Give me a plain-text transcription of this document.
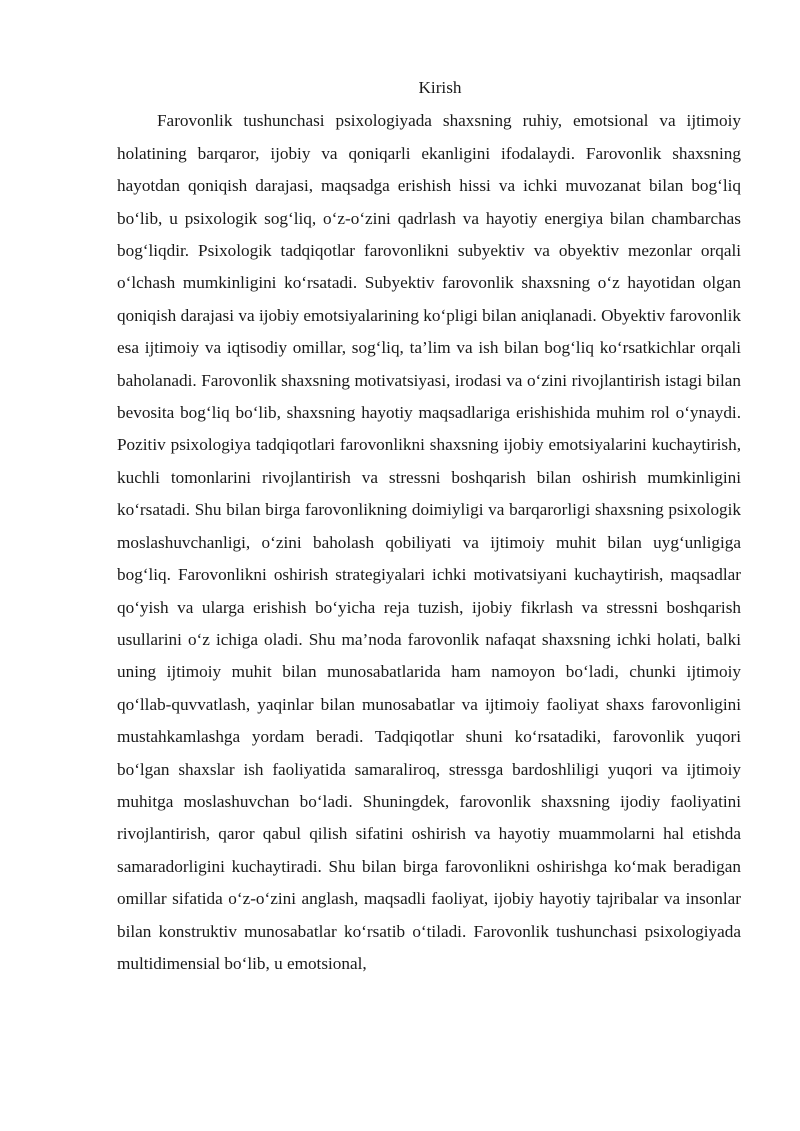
Kirish

Farovonlik tushunchasi psixologiyada shaxsning ruhiy, emotsional va ijtimoiy holatining barqaror, ijobiy va qoniqarli ekanligini ifodalaydi. Farovonlik shaxsning hayotdan qoniqish darajasi, maqsadga erishish hissi va ichki muvozanat bilan bog‘liq bo‘lib, u psixologik sog‘liq, o‘z-o‘zini qadrlash va hayotiy energiya bilan chambarchas bog‘liqdir. Psixologik tadqiqotlar farovonlikni subyektiv va obyektiv mezonlar orqali o‘lchash mumkinligini ko‘rsatadi. Subyektiv farovonlik shaxsning o‘z hayotidan olgan qoniqish darajasi va ijobiy emotsiyalarining ko‘pligi bilan aniqlanadi. Obyektiv farovonlik esa ijtimoiy va iqtisodiy omillar, sog‘liq, ta’lim va ish bilan bog‘liq ko‘rsatkichlar orqali baholanadi. Farovonlik shaxsning motivatsiyasi, irodasi va o‘zini rivojlantirish istagi bilan bevosita bog‘liq bo‘lib, shaxsning hayotiy maqsadlariga erishishida muhim rol o‘ynaydi. Pozitiv psixologiya tadqiqotlari farovonlikni shaxsning ijobiy emotsiyalarini kuchaytirish, kuchli tomonlarini rivojlantirish va stressni boshqarish bilan oshirish mumkinligini ko‘rsatadi. Shu bilan birga farovonlikning doimiyligi va barqarorligi shaxsning psixologik moslashuvchanligi, o‘zini baholash qobiliyati va ijtimoiy muhit bilan uyg‘unligiga bog‘liq. Farovonlikni oshirish strategiyalari ichki motivatsiyani kuchaytirish, maqsadlar qo‘yish va ularga erishish bo‘yicha reja tuzish, ijobiy fikrlash va stressni boshqarish usullarini o‘z ichiga oladi. Shu ma’noda farovonlik nafaqat shaxsning ichki holati, balki uning ijtimoiy muhit bilan munosabatlarida ham namoyon bo‘ladi, chunki ijtimoiy qo‘llab-quvvatlash, yaqinlar bilan munosabatlar va ijtimoiy faoliyat shaxs farovonligini mustahkamlashga yordam beradi. Tadqiqotlar shuni ko‘rsatadiki, farovonlik yuqori bo‘lgan shaxslar ish faoliyatida samaraliroq, stressga bardoshliligi yuqori va ijtimoiy muhitga moslashuvchan bo‘ladi. Shuningdek, farovonlik shaxsning ijodiy faoliyatini rivojlantirish, qaror qabul qilish sifatini oshirish va hayotiy muammolarni hal etishda samaradorligini kuchaytiradi. Shu bilan birga farovonlikni oshirishga ko‘mak beradigan omillar sifatida o‘z-o‘zini anglash, maqsadli faoliyat, ijobiy hayotiy tajribalar va insonlar bilan konstruktiv munosabatlar ko‘rsatib o‘tiladi. Farovonlik tushunchasi psixologiyada multidimensial bo‘lib, u emotsional,
